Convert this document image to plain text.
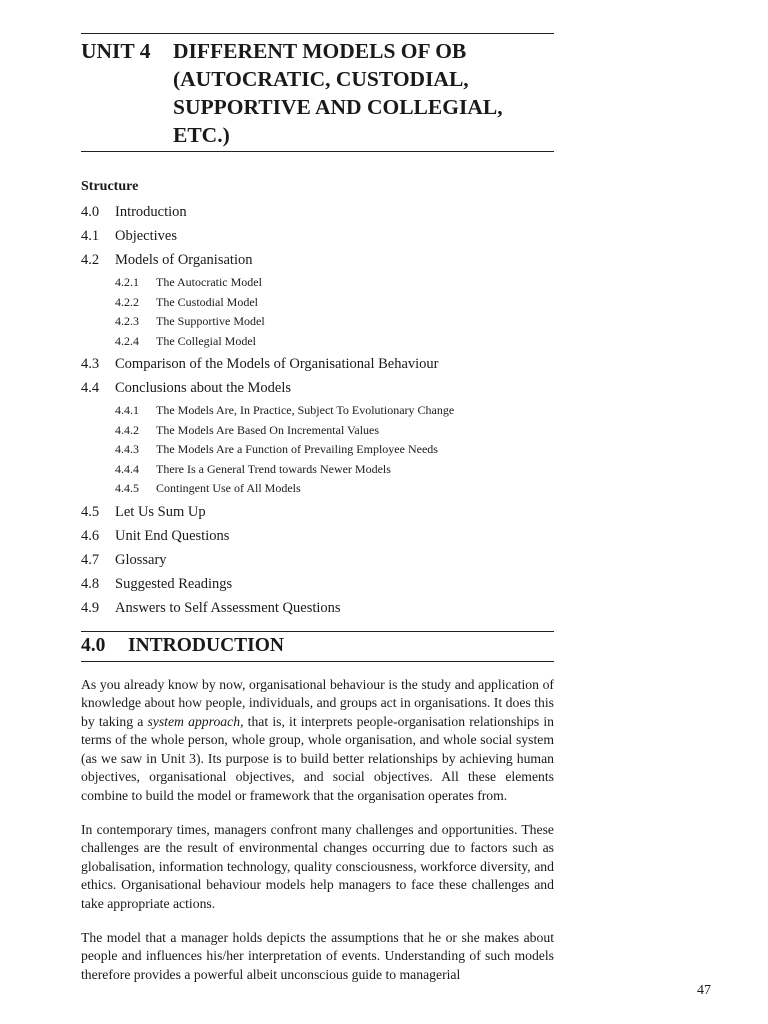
UNIT 4	DIFFERENT MODELS OF OB
(AUTOCRATIC, CUSTODIAL,
SUPPORTIVE AND COLLEGIAL,
ETC.)
Structure
4.0	Introduction
4.1	Objectives
4.2	Models of Organisation
4.2.1	The Autocratic Model
4.2.2	The Custodial Model
4.2.3	The Supportive Model
4.2.4	The Collegial Model
4.3	Comparison of the Models of Organisational Behaviour
4.4	Conclusions about the Models
4.4.1	The Models Are, In Practice, Subject To Evolutionary Change
4.4.2	The Models Are Based On Incremental Values
4.4.3	The Models Are a Function of Prevailing Employee Needs
4.4.4	There Is a General Trend towards Newer Models
4.4.5	Contingent Use of All Models
4.5	Let Us Sum Up
4.6	Unit End Questions
4.7	Glossary
4.8	Suggested Readings
4.9	Answers to Self Assessment Questions
4.0	INTRODUCTION

As you already know by now, organisational behaviour is the study and application of knowledge about how people, individuals, and groups act in organisations. It does this by taking a system approach, that is, it interprets people-organisation relationships in terms of the whole person, whole group, whole organisation, and whole social system (as we saw in Unit 3). Its purpose is to build better relationships by achieving human objectives, organisational objectives, and social objectives. All these elements combine to build the model or framework that the organisation operates from.

In contemporary times, managers confront many challenges and opportunities. These challenges are the result of environmental changes occurring due to factors such as globalisation, information technology, quality consciousness, workforce diversity, and ethics. Organisational behaviour models help managers to face these challenges and take appropriate actions.

The model that a manager holds depicts the assumptions that he or she makes about people and influences his/her interpretation of events. Understanding of such models therefore provides a powerful albeit unconscious guide to managerial

47
